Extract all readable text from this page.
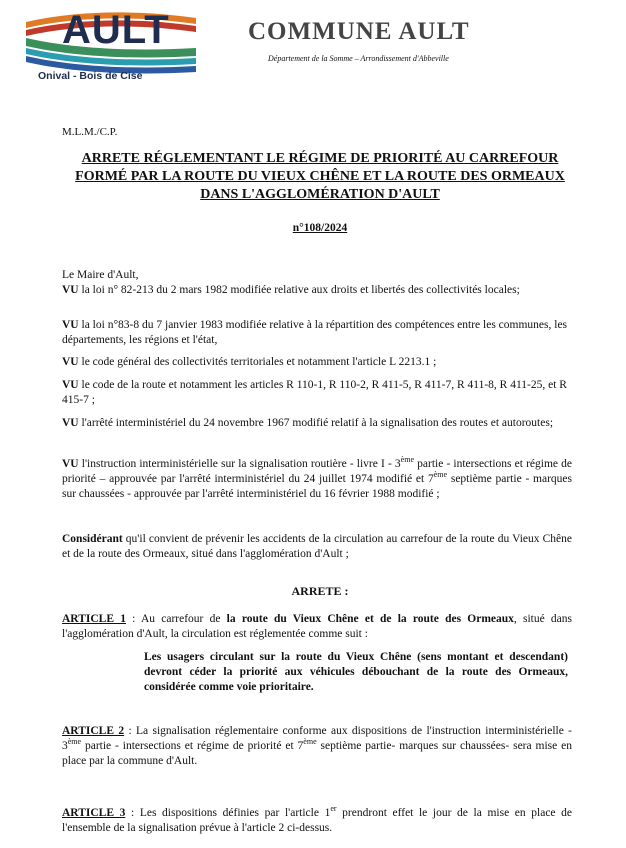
AULT
Onival - Bois de Cise
COMMUNE AULT
Département de la Somme – Arrondissement d'Abbeville
M.L.M./C.P.
ARRETE RÉGLEMENTANT LE RÉGIME DE PRIORITÉ AU CARREFOUR FORMÉ PAR LA ROUTE DU VIEUX CHÊNE ET LA ROUTE DES ORMEAUX DANS L'AGGLOMÉRATION D'AULT
n°108/2024
Le Maire d'Ault,
VU la loi n° 82-213 du 2 mars 1982 modifiée relative aux droits et libertés des collectivités locales;
VU la loi n°83-8 du 7 janvier 1983 modifiée relative à la répartition des compétences entre les communes, les départements, les régions et l'état,
VU le code général des collectivités territoriales et notamment l'article L 2213.1 ;
VU le code de la route et notamment les articles R 110-1, R 110-2, R 411-5, R 411-7, R 411-8, R 411-25, et R 415-7 ;
VU l'arrêté interministériel du 24 novembre 1967 modifié relatif à la signalisation des routes et autoroutes;
VU l'instruction interministérielle sur la signalisation routière - livre I - 3ème partie - intersections et régime de priorité – approuvée par l'arrêté interministériel du 24 juillet 1974 modifié et 7ème septième partie - marques sur chaussées - approuvée par l'arrêté interministériel du 16 février 1988 modifié ;
Considérant qu'il convient de prévenir les accidents de la circulation au carrefour de la route du Vieux Chêne et de la route des Ormeaux, situé dans l'agglomération d'Ault ;
ARRETE :
ARTICLE 1 : Au carrefour de la route du Vieux Chêne et de la route des Ormeaux, situé dans l'agglomération d'Ault, la circulation est réglementée comme suit :
Les usagers circulant sur la route du Vieux Chêne (sens montant et descendant) devront céder la priorité aux véhicules débouchant de la route des Ormeaux, considérée comme voie prioritaire.
ARTICLE 2 : La signalisation réglementaire conforme aux dispositions de l'instruction interministérielle - 3ème partie - intersections et régime de priorité et 7ème septième partie- marques sur chaussées- sera mise en place par la commune d'Ault.
ARTICLE 3 : Les dispositions définies par l'article 1er prendront effet le jour de la mise en place de l'ensemble de la signalisation prévue à l'article 2 ci-dessus.
